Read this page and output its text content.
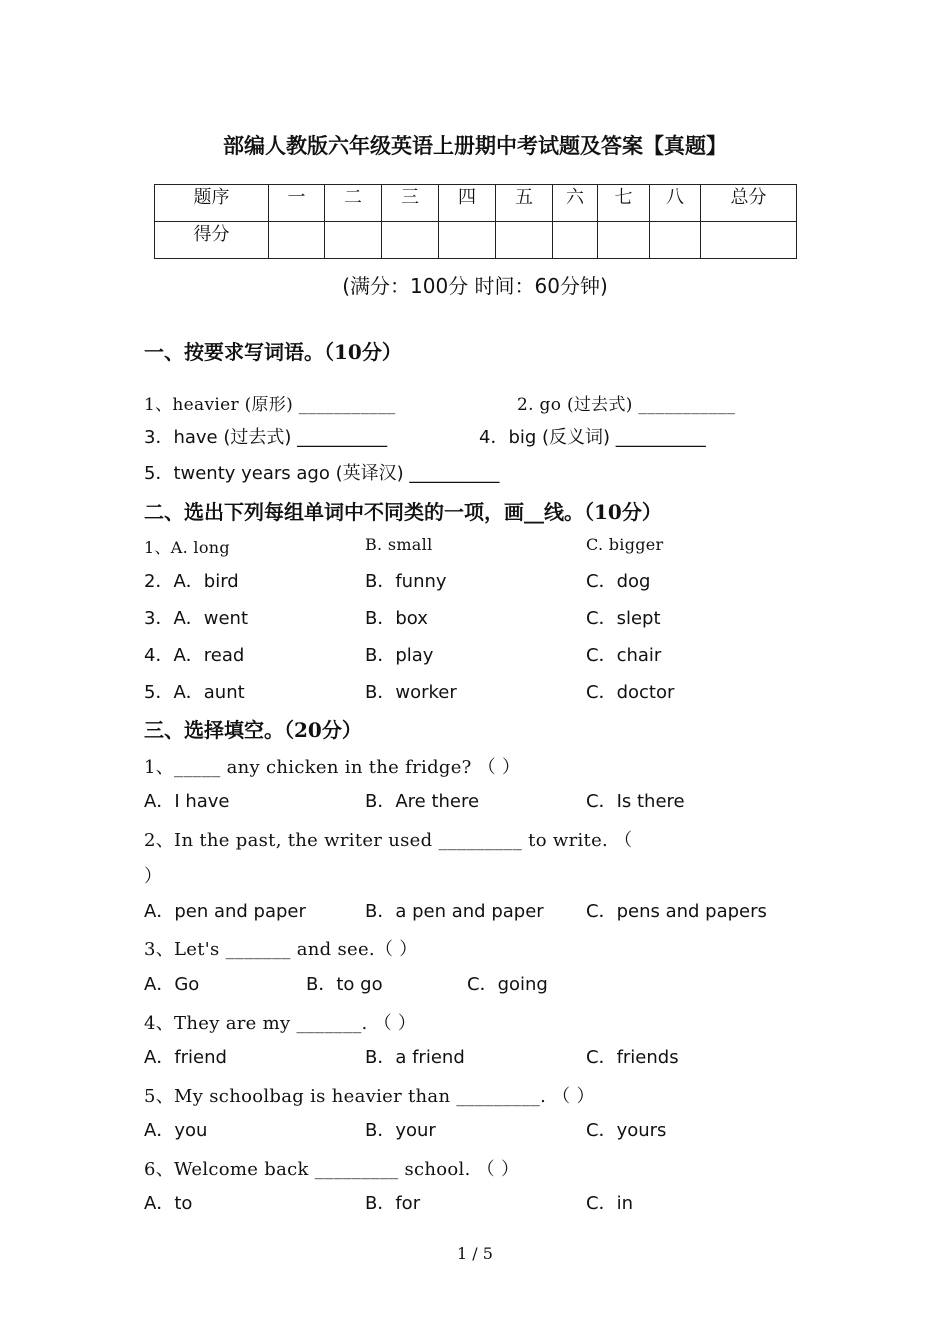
部编人教版六年级英语上册期中考试题及答案【真题】
题序	一	二	三	四	五	六	七	八	总分
得分									
(满分：100分 时间：60分钟)
一、按要求写词语。（10分）
1、heavier (原形) ___________	2. go (过去式) ___________
3．have (过去式) __________	4．big (反义词) __________
5．twenty years ago (英译汉) __________
二、选出下列每组单词中不同类的一项，画__线。（10分）
1、A. long	B. small	C. bigger
2．A．bird	B．funny	C．dog
3．A．went	B．box	C．slept
4．A．read	B．play	C．chair
5．A．aunt	B．worker	C．doctor
三、选择填空。（20分）
1、_____ any chicken in the fridge? （ ）
A．I have	B．Are there	C．Is there
2、In the past, the writer used _________ to write. （
）
A．pen and paper	B．a pen and paper C．pens and papers
3、Let's _______ and see.（ ）
A．Go	B．to go	C．going
4、They are my _______. （ ）
A．friend	B．a friend	C．friends
5、My schoolbag is heavier than _________. （ ）
A．you	B．your	C．yours
6、Welcome back _________ school. （ ）
A．to	B．for	C．in
1 / 5
